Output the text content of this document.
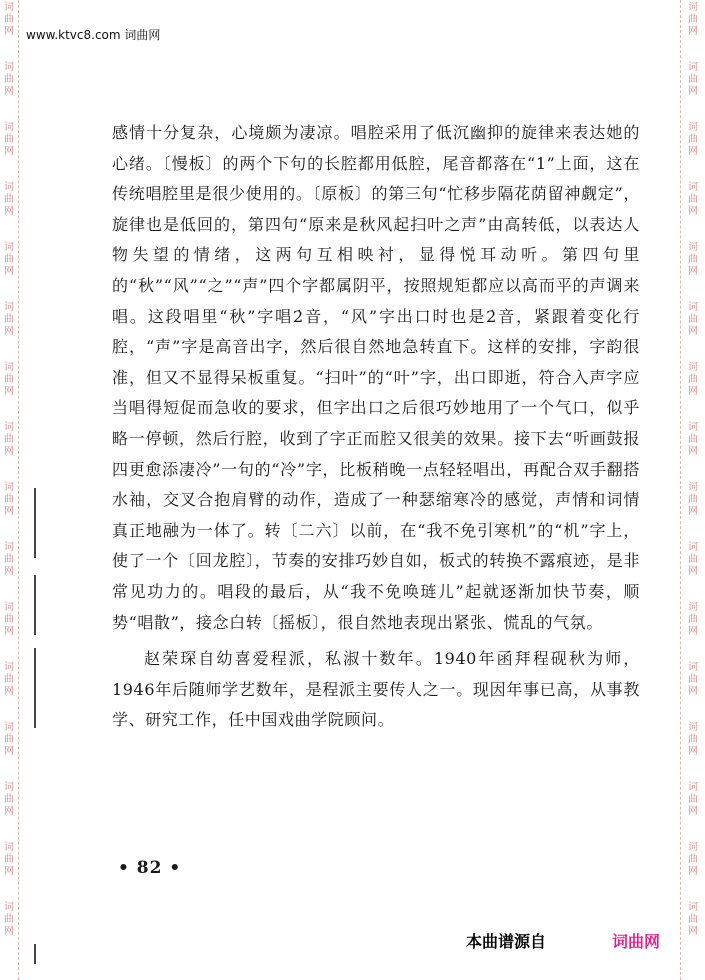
词
曲
网
词
曲
网
词
曲
网
词
曲
网
词
曲
网
词
曲
网
词
曲
网
词
曲
网
词
曲
网
词
曲
网
词
曲
网
词
曲
网
词
曲
网
词
曲
网
词
曲
网
词
曲
网
词
曲
网
词
曲
网
词
曲
网
词
曲
网
词
曲
网
词
曲
网
词
曲
网
词
曲
网
词
曲
网
词
曲
网
词
曲
网
词
曲
网
词
曲
网
词
曲
网
词
曲
网
词
曲
网
www.ktvc8.com 词曲网

感情十分复杂，心境颇为凄凉。唱腔采用了低沉幽抑的旋律来表达她的心绪。〔慢板〕的两个下句的长腔都用低腔，尾音都落在“1”上面，这在传统唱腔里是很少使用的。〔原板〕的第三句“忙移步隔花荫留神觑定”，旋律也是低回的，第四句“原来是秋风起扫叶之声”由高转低，以表达人物失望的情绪，这两句互相映衬，显得悦耳动听。第四句里的“秋”“风”“之”“声”四个字都属阴平，按照规矩都应以高而平的声调来唱。这段唱里“秋”字唱2̇音，“风”字出口时也是2̇音，紧跟着变化行腔，“声”字是高音出字，然后很自然地急转直下。这样的安排，字韵很准，但又不显得呆板重复。“扫叶”的“叶”字，出口即逝，符合入声字应当唱得短促而急收的要求，但字出口之后很巧妙地用了一个气口，似乎略一停顿，然后行腔，收到了字正而腔又很美的效果。接下去“听画鼓报四更愈添凄冷”一句的“冷”字，比板稍晚一点轻轻唱出，再配合双手翻搭水袖，交叉合抱肩臂的动作，造成了一种瑟缩寒冷的感觉，声情和词情真正地融为一体了。转〔二六〕以前，在“我不免引寒机”的“机”字上，使了一个〔回龙腔〕，节奏的安排巧妙自如，板式的转换不露痕迹，是非常见功力的。唱段的最后，从“我不免唤琏儿”起就逐渐加快节奏，顺势“唱散”，接念白转〔摇板〕，很自然地表现出紧张、慌乱的气氛。

赵荣琛自幼喜爱程派，私淑十数年。1940年函拜程砚秋为师，1946年后随师学艺数年，是程派主要传人之一。现因年事已高，从事教学、研究工作，任中国戏曲学院顾问。

• 82 •
本曲谱源自	词曲网
